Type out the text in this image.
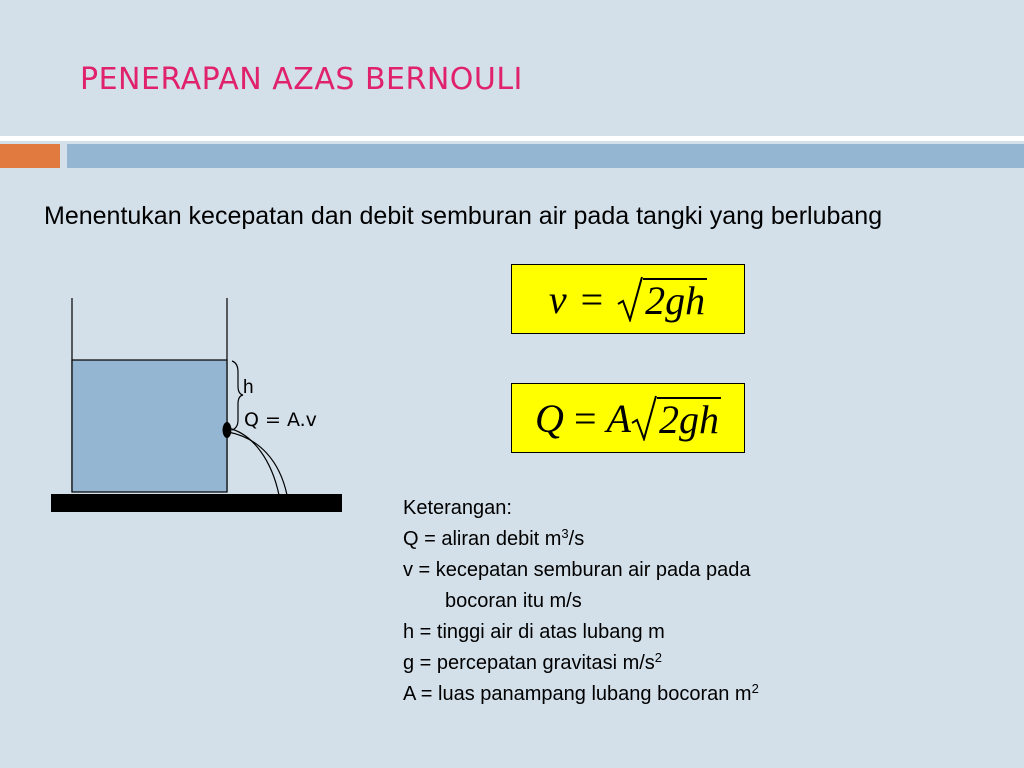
PENERAPAN AZAS BERNOULI
Menentukan kecepatan dan debit semburan air pada tangki yang berlubang
v = 2gh
Q = A 2gh
h
Q = A.v
Keterangan:
Q = aliran debit $m^3/s$
v = kecepatan semburan air pada pada
bocoran itu m/s
h = tinggi air di atas lubang m
g = percepatan gravitasi $m/s^2$
A = luas panampang lubang bocoran $m^2$
